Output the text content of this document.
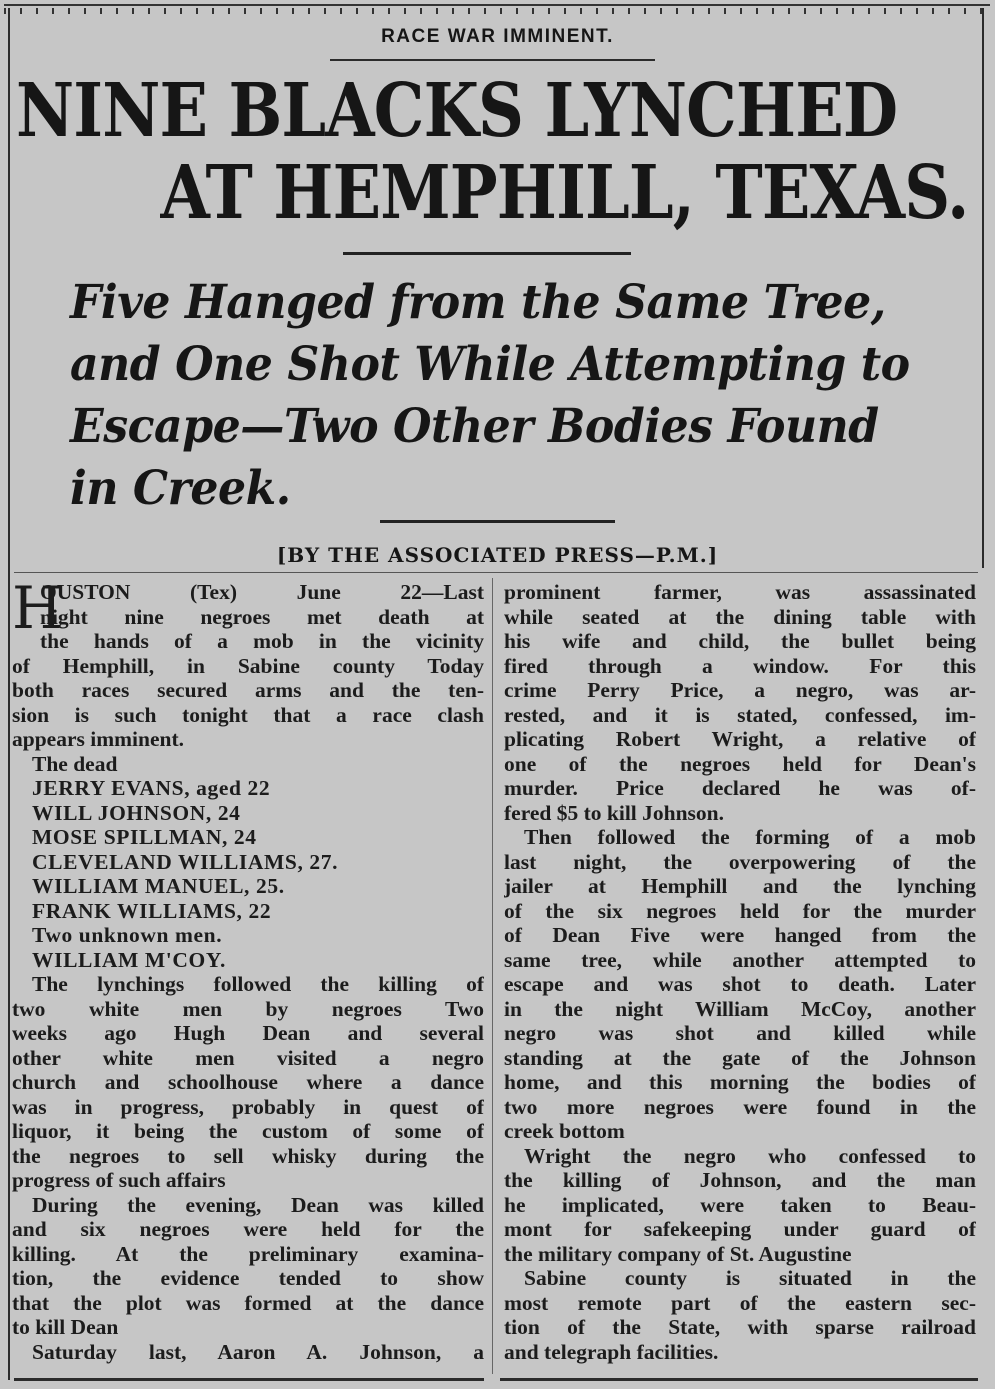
RACE WAR IMMINENT.
NINE BLACKS LYNCHED
AT HEMPHILL, TEXAS.
Five Hanged from the Same Tree,
and One Shot While Attempting to
Escape—Two Other Bodies Found
in Creek.
[BY THE ASSOCIATED PRESS—P.M.]
H
OUSTON (Tex) June 22—Last
night nine negroes met death at
the hands of a mob in the vicinity
of Hemphill, in Sabine county Today
both races secured arms and the ten-
sion is such tonight that a race clash
appears imminent.
The dead
JERRY EVANS, aged 22
WILL JOHNSON, 24
MOSE SPILLMAN, 24
CLEVELAND WILLIAMS, 27.
WILLIAM MANUEL, 25.
FRANK WILLIAMS, 22
Two unknown men.
WILLIAM M'COY.
The lynchings followed the killing of
two white men by negroes Two
weeks ago Hugh Dean and several
other white men visited a negro
church and schoolhouse where a dance
was in progress, probably in quest of
liquor, it being the custom of some of
the negroes to sell whisky during the
progress of such affairs
During the evening, Dean was killed
and six negroes were held for the
killing. At the preliminary examina-
tion, the evidence tended to show
that the plot was formed at the dance
to kill Dean
Saturday last, Aaron A. Johnson, a
prominent farmer, was assassinated
while seated at the dining table with
his wife and child, the bullet being
fired through a window. For this
crime Perry Price, a negro, was ar-
rested, and it is stated, confessed, im-
plicating Robert Wright, a relative of
one of the negroes held for Dean's
murder. Price declared he was of-
fered $5 to kill Johnson.
Then followed the forming of a mob
last night, the overpowering of the
jailer at Hemphill and the lynching
of the six negroes held for the murder
of Dean Five were hanged from the
same tree, while another attempted to
escape and was shot to death. Later
in the night William McCoy, another
negro was shot and killed while
standing at the gate of the Johnson
home, and this morning the bodies of
two more negroes were found in the
creek bottom
Wright the negro who confessed to
the killing of Johnson, and the man
he implicated, were taken to Beau-
mont for safekeeping under guard of
the military company of St. Augustine
Sabine county is situated in the
most remote part of the eastern sec-
tion of the State, with sparse railroad
and telegraph facilities.
